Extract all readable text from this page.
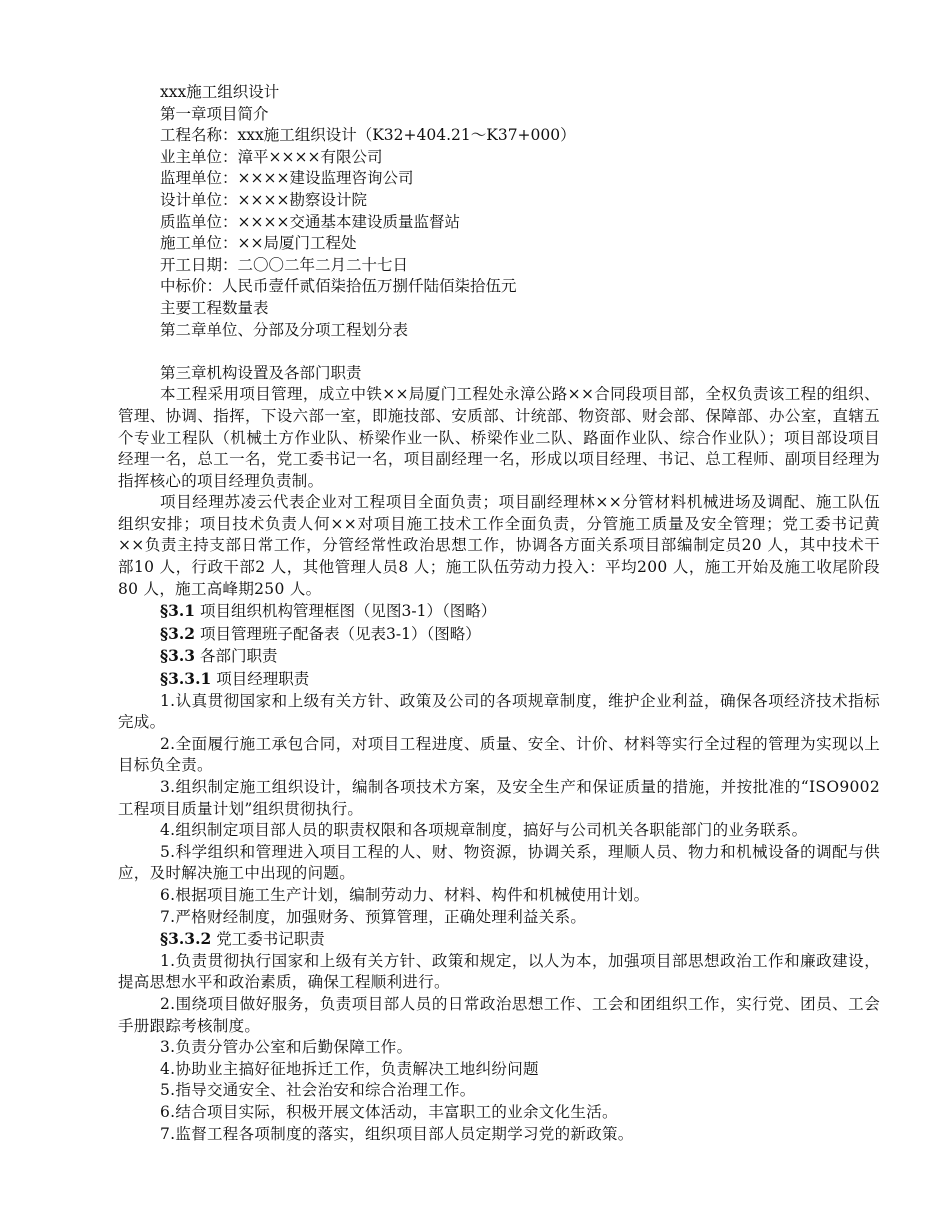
xxx施工组织设计
第一章项目简介
工程名称：xxx施工组织设计（K32+404.21～K37+000）
业主单位：漳平××××有限公司
监理单位：××××建设监理咨询公司
设计单位：××××勘察设计院
质监单位：××××交通基本建设质量监督站
施工单位：××局厦门工程处
开工日期：二〇〇二年二月二十七日
中标价：人民币壹仟贰佰柒拾伍万捌仟陆佰柒拾伍元
主要工程数量表
第二章单位、分部及分项工程划分表
第三章机构设置及各部门职责

本工程采用项目管理，成立中铁××局厦门工程处永漳公路××合同段项目部，全权负责该工程的组织、管理、协调、指挥，下设六部一室，即施技部、安质部、计统部、物资部、财会部、保障部、办公室，直辖五个专业工程队（机械土方作业队、桥梁作业一队、桥梁作业二队、路面作业队、综合作业队）；项目部设项目经理一名，总工一名，党工委书记一名，项目副经理一名，形成以项目经理、书记、总工程师、副项目经理为指挥核心的项目经理负责制。

项目经理苏凌云代表企业对工程项目全面负责；项目副经理林××分管材料机械进场及调配、施工队伍组织安排；项目技术负责人何××对项目施工技术工作全面负责，分管施工质量及安全管理；党工委书记黄××负责主持支部日常工作，分管经常性政治思想工作，协调各方面关系项目部编制定员20 人，其中技术干部10 人，行政干部2 人，其他管理人员8 人；施工队伍劳动力投入：平均200 人，施工开始及施工收尾阶段80 人，施工高峰期250 人。

§3.1 项目组织机构管理框图（见图3-1）（图略）
§3.2 项目管理班子配备表（见表3-1）（图略）
§3.3 各部门职责
§3.3.1 项目经理职责

1.认真贯彻国家和上级有关方针、政策及公司的各项规章制度，维护企业利益，确保各项经济技术指标完成。

2.全面履行施工承包合同，对项目工程进度、质量、安全、计价、材料等实行全过程的管理为实现以上目标负全责。

3.组织制定施工组织设计，编制各项技术方案，及安全生产和保证质量的措施，并按批准的“ISO9002 工程项目质量计划”组织贯彻执行。

4.组织制定项目部人员的职责权限和各项规章制度，搞好与公司机关各职能部门的业务联系。

5.科学组织和管理进入项目工程的人、财、物资源，协调关系，理顺人员、物力和机械设备的调配与供应，及时解决施工中出现的问题。

6.根据项目施工生产计划，编制劳动力、材料、构件和机械使用计划。

7.严格财经制度，加强财务、预算管理，正确处理利益关系。

§3.3.2 党工委书记职责

1.负责贯彻执行国家和上级有关方针、政策和规定，以人为本，加强项目部思想政治工作和廉政建设，提高思想水平和政治素质，确保工程顺利进行。

2.围绕项目做好服务，负责项目部人员的日常政治思想工作、工会和团组织工作，实行党、团员、工会手册跟踪考核制度。

3.负责分管办公室和后勤保障工作。

4.协助业主搞好征地拆迁工作，负责解决工地纠纷问题

5.指导交通安全、社会治安和综合治理工作。

6.结合项目实际，积极开展文体活动，丰富职工的业余文化生活。

7.监督工程各项制度的落实，组织项目部人员定期学习党的新政策。
